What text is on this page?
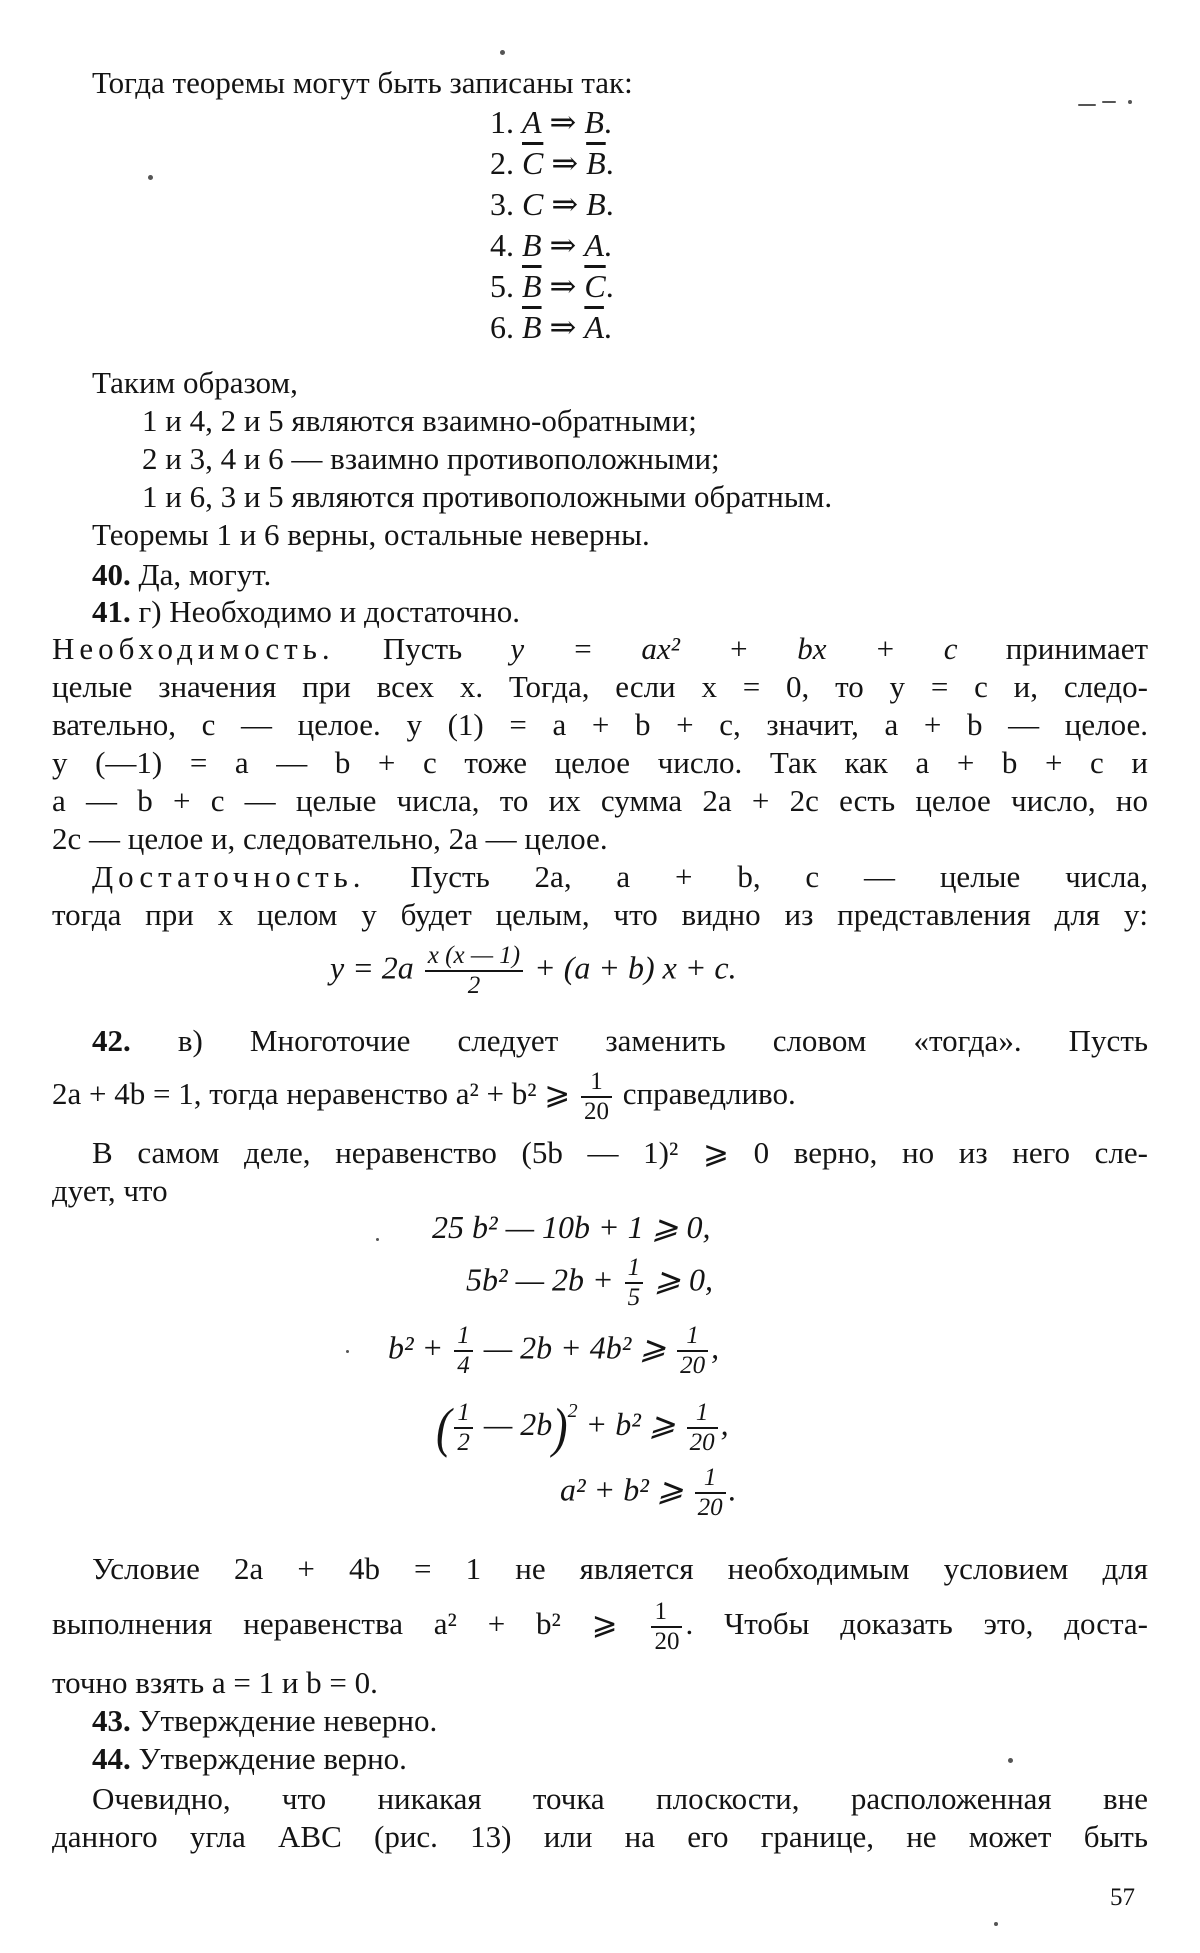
Тогда теоремы могут быть записаны так:
1. A ⇒ B.
2. $\overline{C}$ ⇒ $\overline{B}$.
3. C ⇒ B.
4. B ⇒ A.
5. $\overline{B}$ ⇒ $\overline{C}$.
6. $\overline{B}$ ⇒ $\overline{A}$.
Таким образом,
1 и 4, 2 и 5 являются взаимно-обратными;
2 и 3, 4 и 6 — взаимно противоположными;
1 и 6, 3 и 5 являются противоположными обратным.
Теоремы 1 и 6 верны, остальные неверны.
40. Да, могут.
41. г) Необходимо и достаточно.
Необходимость. Пусть y = ax² + bx + c принимает
целые значения при всех x. Тогда, если x = 0, то y = c и, следо-
вательно, c — целое. y (1) = a + b + c, значит, a + b — целое.
y (—1) = a — b + c тоже целое число. Так как a + b + c и
a — b + c — целые числа, то их сумма 2a + 2c есть целое число, но
2c — целое и, следовательно, 2a — целое.
Достаточность. Пусть 2a, a + b, c — целые числа,
тогда при x целом y будет целым, что видно из представления для y:
$y = 2a \frac{x (x — 1)}{2} + (a + b) x + c$.
42. в) Многоточие следует заменить словом «тогда». Пусть
2a + 4b = 1, тогда неравенство a² + b² ⩾ $\frac{1}{20}$ справедливо.
В самом деле, неравенство (5b — 1)² ⩾ 0 верно, но из него сле-
дует, что
25 b² — 10b + 1 ⩾ 0,
5b² — $2b + \frac{1}{5}$ ⩾ 0,
$b^2 + \frac{1}{4}$ — 2b + 4b² ⩾ $\frac{1}{20}$ ,
( $\frac{1}{2}$ — 2b)$^2$ + b² ⩾ $\frac{1}{20}$ ,
a² + b² ⩾ $\frac{1}{20}$ .
Условие 2a + 4b = 1 не является необходимым условием для
выполнения неравенства a² + b² ⩾ $\frac{1}{20}$ . Чтобы доказать это, доста-
точно взять a = 1 и b = 0.
43. Утверждение неверно.
44. Утверждение верно.
Очевидно, что никакая точка плоскости, расположенная вне
данного угла ABC (рис. 13) или на его границе, не может быть
57
